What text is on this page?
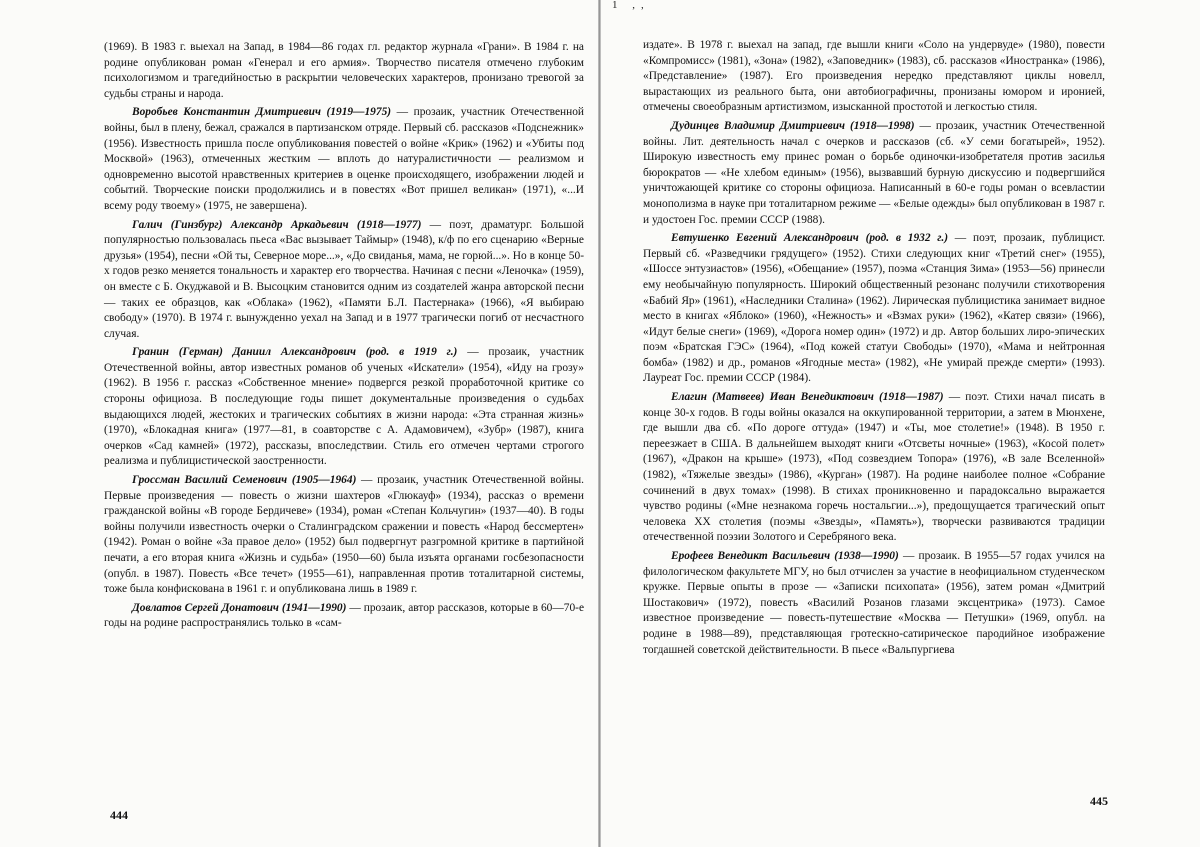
1 ,,

(1969). В 1983 г. выехал на Запад, в 1984—86 годах гл. редактор журнала «Грани». В 1984 г. на родине опубликован роман «Генерал и его армия». Творчество писателя отмечено глубоким психологизмом и трагедийностью в раскрытии человеческих характеров, пронизано тревогой за судьбы страны и народа.

Воробьев Константин Дмитриевич (1919—1975) — прозаик, участник Отечественной войны, был в плену, бежал, сражался в партизанском отряде. Первый сб. рассказов «Подснежник» (1956). Известность пришла после опубликования повестей о войне «Крик» (1962) и «Убиты под Москвой» (1963), отмеченных жестким — вплоть до натуралистичности — реализмом и одновременно высотой нравственных критериев в оценке происходящего, изображении людей и событий. Творческие поиски продолжились и в повестях «Вот пришел великан» (1971), «...И всему роду твоему» (1975, не завершена).

Галич (Гинзбург) Александр Аркадьевич (1918—1977) — поэт, драматург. Большой популярностью пользовалась пьеса «Вас вызывает Таймыр» (1948), к/ф по его сценарию «Верные друзья» (1954), песни «Ой ты, Северное море...», «До свиданья, мама, не горюй...». Но в конце 50-х годов резко меняется тональность и характер его творчества. Начиная с песни «Леночка» (1959), он вместе с Б. Окуджавой и В. Высоцким становится одним из создателей жанра авторской песни — таких ее образцов, как «Облака» (1962), «Памяти Б.Л. Пастернака» (1966), «Я выбираю свободу» (1970). В 1974 г. вынужденно уехал на Запад и в 1977 трагически погиб от несчастного случая.

Гранин (Герман) Даниил Александрович (род. в 1919 г.) — прозаик, участник Отечественной войны, автор известных романов об ученых «Искатели» (1954), «Иду на грозу» (1962). В 1956 г. рассказ «Собственное мнение» подвергся резкой проработочной критике со стороны официоза. В последующие годы пишет документальные произведения о судьбах выдающихся людей, жестоких и трагических событиях в жизни народа: «Эта странная жизнь» (1970), «Блокадная книга» (1977—81, в соавторстве с А. Адамовичем), «Зубр» (1987), книга очерков «Сад камней» (1972), рассказы, впоследствии. Стиль его отмечен чертами строгого реализма и публицистической заостренности.

Гроссман Василий Семенович (1905—1964) — прозаик, участник Отечественной войны. Первые произведения — повесть о жизни шахтеров «Глюкауф» (1934), рассказ о времени гражданской войны «В городе Бердичеве» (1934), роман «Степан Кольчугин» (1937—40). В годы войны получили известность очерки о Сталинградском сражении и повесть «Народ бессмертен» (1942). Роман о войне «За правое дело» (1952) был подвергнут разгромной критике в партийной печати, а его вторая книга «Жизнь и судьба» (1950—60) была изъята органами госбезопасности (опубл. в 1987). Повесть «Все течет» (1955—61), направленная против тоталитарной системы, тоже была конфискована в 1961 г. и опубликована лишь в 1989 г.

Довлатов Сергей Донатович (1941—1990) — прозаик, автор рассказов, которые в 60—70-е годы на родине распространялись только в «сам-

444

издате». В 1978 г. выехал на запад, где вышли книги «Соло на ундервуде» (1980), повести «Компромисс» (1981), «Зона» (1982), «Заповедник» (1983), сб. рассказов «Иностранка» (1986), «Представление» (1987). Его произведения нередко представляют циклы новелл, вырастающих из реального быта, они автобиографичны, пронизаны юмором и иронией, отмечены своеобразным артистизмом, изысканной простотой и легкостью стиля.

Дудинцев Владимир Дмитриевич (1918—1998) — прозаик, участник Отечественной войны. Лит. деятельность начал с очерков и рассказов (сб. «У семи богатырей», 1952). Широкую известность ему принес роман о борьбе одиночки-изобретателя против засилья бюрократов — «Не хлебом единым» (1956), вызвавший бурную дискуссию и подвергшийся уничтожающей критике со стороны официоза. Написанный в 60-е годы роман о всевластии монополизма в науке при тоталитарном режиме — «Белые одежды» был опубликован в 1987 г. и удостоен Гос. премии СССР (1988).

Евтушенко Евгений Александрович (род. в 1932 г.) — поэт, прозаик, публицист. Первый сб. «Разведчики грядущего» (1952). Стихи следующих книг «Третий снег» (1955), «Шоссе энтузиастов» (1956), «Обещание» (1957), поэма «Станция Зима» (1953—56) принесли ему необычайную популярность. Широкий общественный резонанс получили стихотворения «Бабий Яр» (1961), «Наследники Сталина» (1962). Лирическая публицистика занимает видное место в книгах «Яблоко» (1960), «Нежность» и «Взмах руки» (1962), «Катер связи» (1966), «Идут белые снеги» (1969), «Дорога номер один» (1972) и др. Автор больших лиро-эпических поэм «Братская ГЭС» (1964), «Под кожей статуи Свободы» (1970), «Мама и нейтронная бомба» (1982) и др., романов «Ягодные места» (1982), «Не умирай прежде смерти» (1993). Лауреат Гос. премии СССР (1984).

Елагин (Матвеев) Иван Венедиктович (1918—1987) — поэт. Стихи начал писать в конце 30-х годов. В годы войны оказался на оккупированной территории, а затем в Мюнхене, где вышли два сб. «По дороге оттуда» (1947) и «Ты, мое столетие!» (1948). В 1950 г. переезжает в США. В дальнейшем выходят книги «Отсветы ночные» (1963), «Косой полет» (1967), «Дракон на крыше» (1973), «Под созвездием Топора» (1976), «В зале Вселенной» (1982), «Тяжелые звезды» (1986), «Курган» (1987). На родине наиболее полное «Собрание сочинений в двух томах» (1998). В стихах проникновенно и парадоксально выражается чувство родины («Мне незнакома горечь ностальгии...»), предощущается трагический опыт человека XX столетия (поэмы «Звезды», «Память»), творчески развиваются традиции отечественной поэзии Золотого и Серебряного века.

Ерофеев Венедикт Васильевич (1938—1990) — прозаик. В 1955—57 годах учился на филологическом факультете МГУ, но был отчислен за участие в неофициальном студенческом кружке. Первые опыты в прозе — «Записки психопата» (1956), затем роман «Дмитрий Шостакович» (1972), повесть «Василий Розанов глазами эксцентрика» (1973). Самое известное произведение — повесть-путешествие «Москва — Петушки» (1969, опубл. на родине в 1988—89), представляющая гротескно-сатирическое пародийное изображение тогдашней советской действительности. В пьесе «Вальпургиева

445
